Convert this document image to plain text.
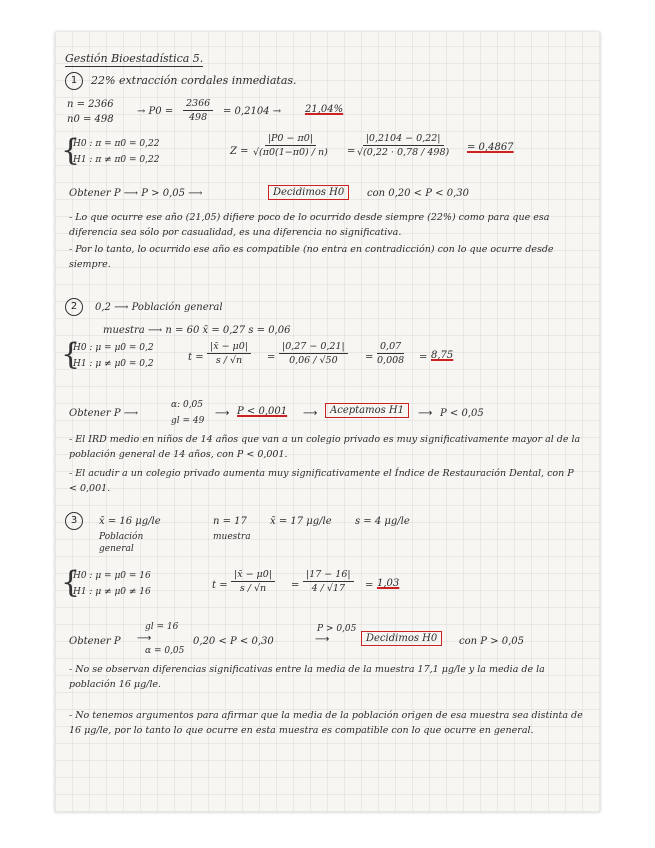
Gestión Bioestadística 5.
1	22% extracción cordales inmediatas.
n = 2366
n0 = 498
→ $P0 = \frac{2366}{498} = 0,2104 \to 21,04\%$
{
H0 : π = π0 = 0,22
H1 : π ≠ π0 = 0,22
$Z = \frac{|P0 - \pi 0|}{√(\pi 0(1-\pi 0) / n)} = \frac{|0,2104 - 0,22|}{√(0,22 \cdot 0,78 / 498)} = 0,4867$
Obtener P ⟶ P > 0,05 ⟶	Decidimos H0	con 0,20 < P < 0,30
- Lo que ocurre ese año (21,05) difiere poco de lo ocurrido desde siempre (22%) como para que esa diferencia sea sólo por casualidad, es una diferencia no significativa.
- Por lo tanto, lo ocurrido ese año es compatible (no entra en contradicción) con lo que ocurre desde siempre.
2	0,2 ⟶ Población general
muestra ⟶ n = 60 x̄ = 0,27 s = 0,06
{
H0 : μ = μ0 = 0,2
H1 : μ ≠ μ0 = 0,2
$t = \frac{|x̄ - \mu 0|}{s / √n} = \frac{|0,27 - 0,21|}{0,06 / √50} = \frac{0,07}{0,008} = 8,75$
Obtener P ⟶
α: 0,05
gl = 49
⟶ P < 0,001 ⟶	Aceptamos H1	⟶ P < 0,05
- El IRD medio en niños de 14 años que van a un colegio privado es muy significativamente mayor al de la población general de 14 años, con P < 0,001.
- El acudir a un colegio privado aumenta muy significativamente el Índice de Restauración Dental, con P < 0,001.
3	x̄ = 16 μg/le
Población
general
n = 17 x̄ = 17 μg/le s = 4 μg/le
muestra
{
H0 : μ = μ0 = 16
H1 : μ ≠ μ0 ≠ 16
$t = \frac{|x̄ - \mu 0|}{s / √n} = \frac{|17 - 16|}{4 / √17} = 1,03$
Obtener P
gl = 16
⟶
α = 0,05
0,20 < P < 0,30
P > 0,05
⟶	Decidimos H0	con P > 0,05
- No se observan diferencias significativas entre la media de la muestra 17,1 μg/le y la media de la población 16 μg/le.
- No tenemos argumentos para afirmar que la media de la población origen de esa muestra sea distinta de 16 μg/le, por lo tanto lo que ocurre en esta muestra es compatible con lo que ocurre en general.
